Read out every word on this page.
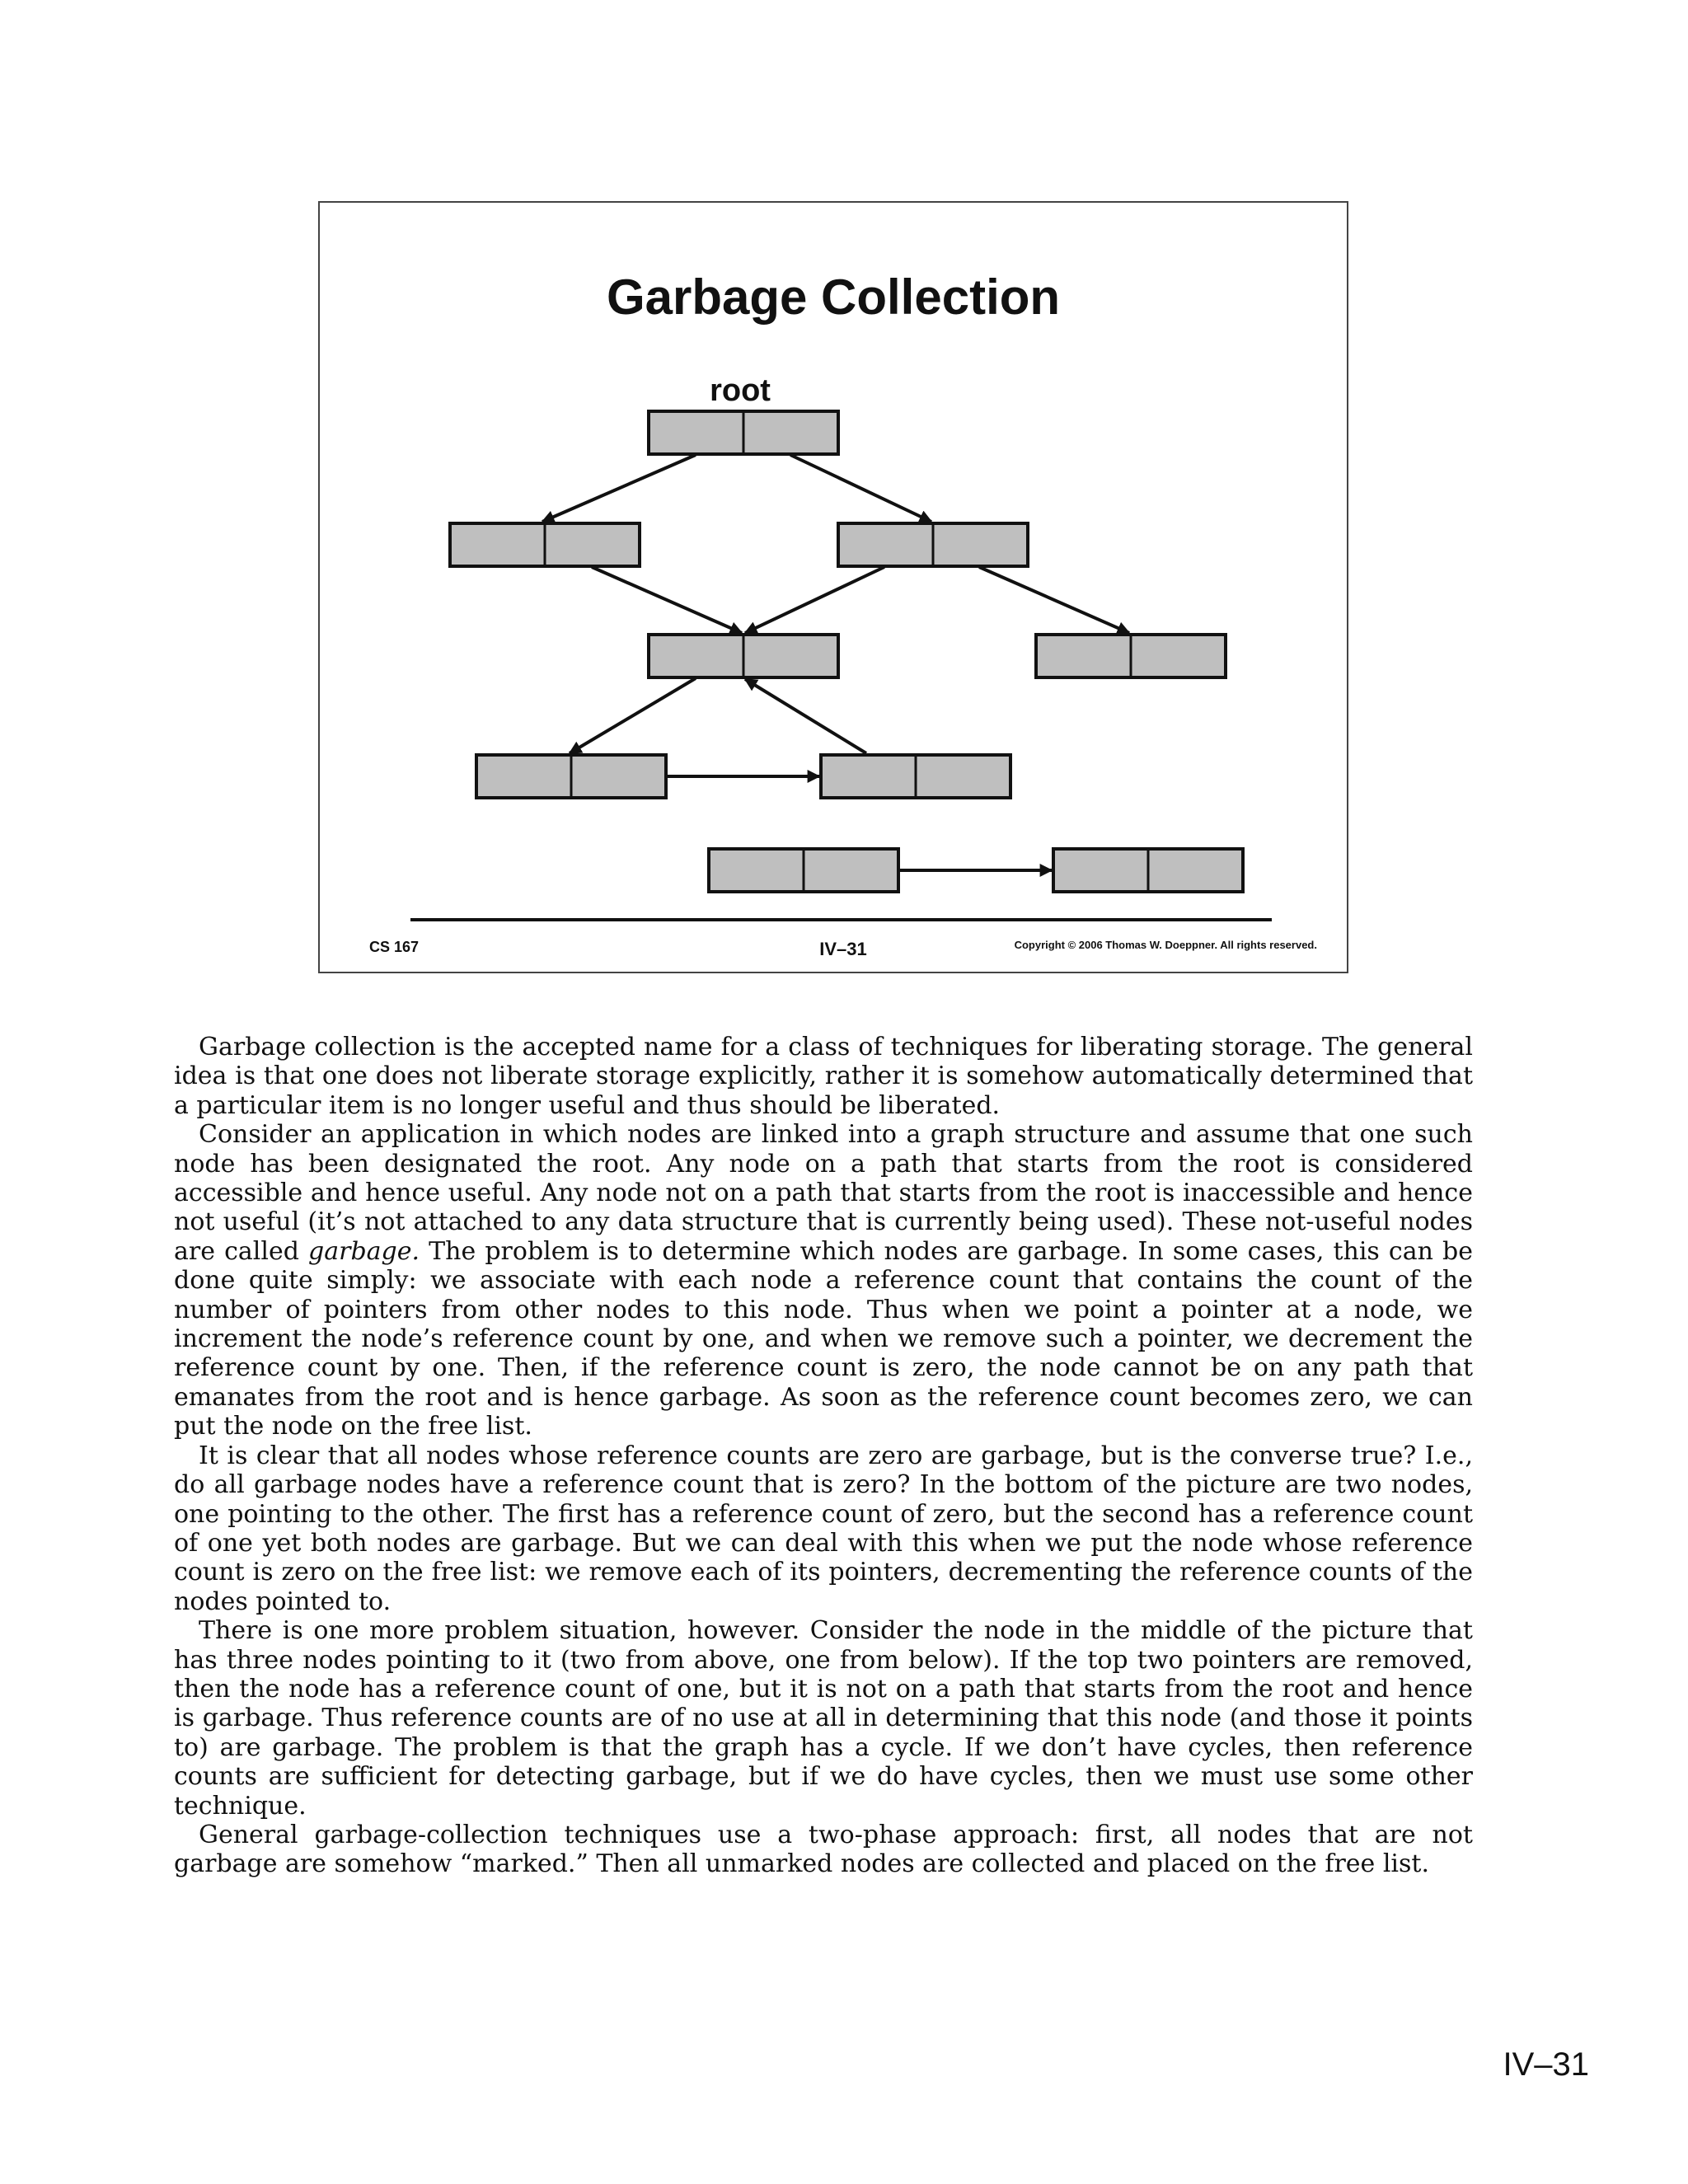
Garbage Collection
root
CS 167	IV–31	Copyright © 2006 Thomas W. Doeppner. All rights reserved.

Garbage collection is the accepted name for a class of techniques for liberating storage. The general idea is that one does not liberate storage explicitly, rather it is somehow automatically determined that a particular item is no longer useful and thus should be liberated.

Consider an application in which nodes are linked into a graph structure and assume that one such node has been designated the root. Any node on a path that starts from the root is considered accessible and hence useful. Any node not on a path that starts from the root is inaccessible and hence not useful (it’s not attached to any data structure that is currently being used). These not-useful nodes are called garbage. The problem is to determine which nodes are garbage. In some cases, this can be done quite simply: we associate with each node a reference count that contains the count of the number of pointers from other nodes to this node. Thus when we point a pointer at a node, we increment the node’s reference count by one, and when we remove such a pointer, we decrement the reference count by one. Then, if the reference count is zero, the node cannot be on any path that emanates from the root and is hence garbage. As soon as the reference count becomes zero, we can put the node on the free list.

It is clear that all nodes whose reference counts are zero are garbage, but is the converse true? I.e., do all garbage nodes have a reference count that is zero? In the bottom of the picture are two nodes, one pointing to the other. The first has a reference count of zero, but the second has a reference count of one yet both nodes are garbage. But we can deal with this when we put the node whose reference count is zero on the free list: we remove each of its pointers, decrementing the reference counts of the nodes pointed to.

There is one more problem situation, however. Consider the node in the middle of the picture that has three nodes pointing to it (two from above, one from below). If the top two pointers are removed, then the node has a reference count of one, but it is not on a path that starts from the root and hence is garbage. Thus reference counts are of no use at all in determining that this node (and those it points to) are garbage. The problem is that the graph has a cycle. If we don’t have cycles, then reference counts are sufficient for detecting garbage, but if we do have cycles, then we must use some other technique.

General garbage-collection techniques use a two-phase approach: first, all nodes that are not garbage are somehow “marked.” Then all unmarked nodes are collected and placed on the free list.

IV–31
